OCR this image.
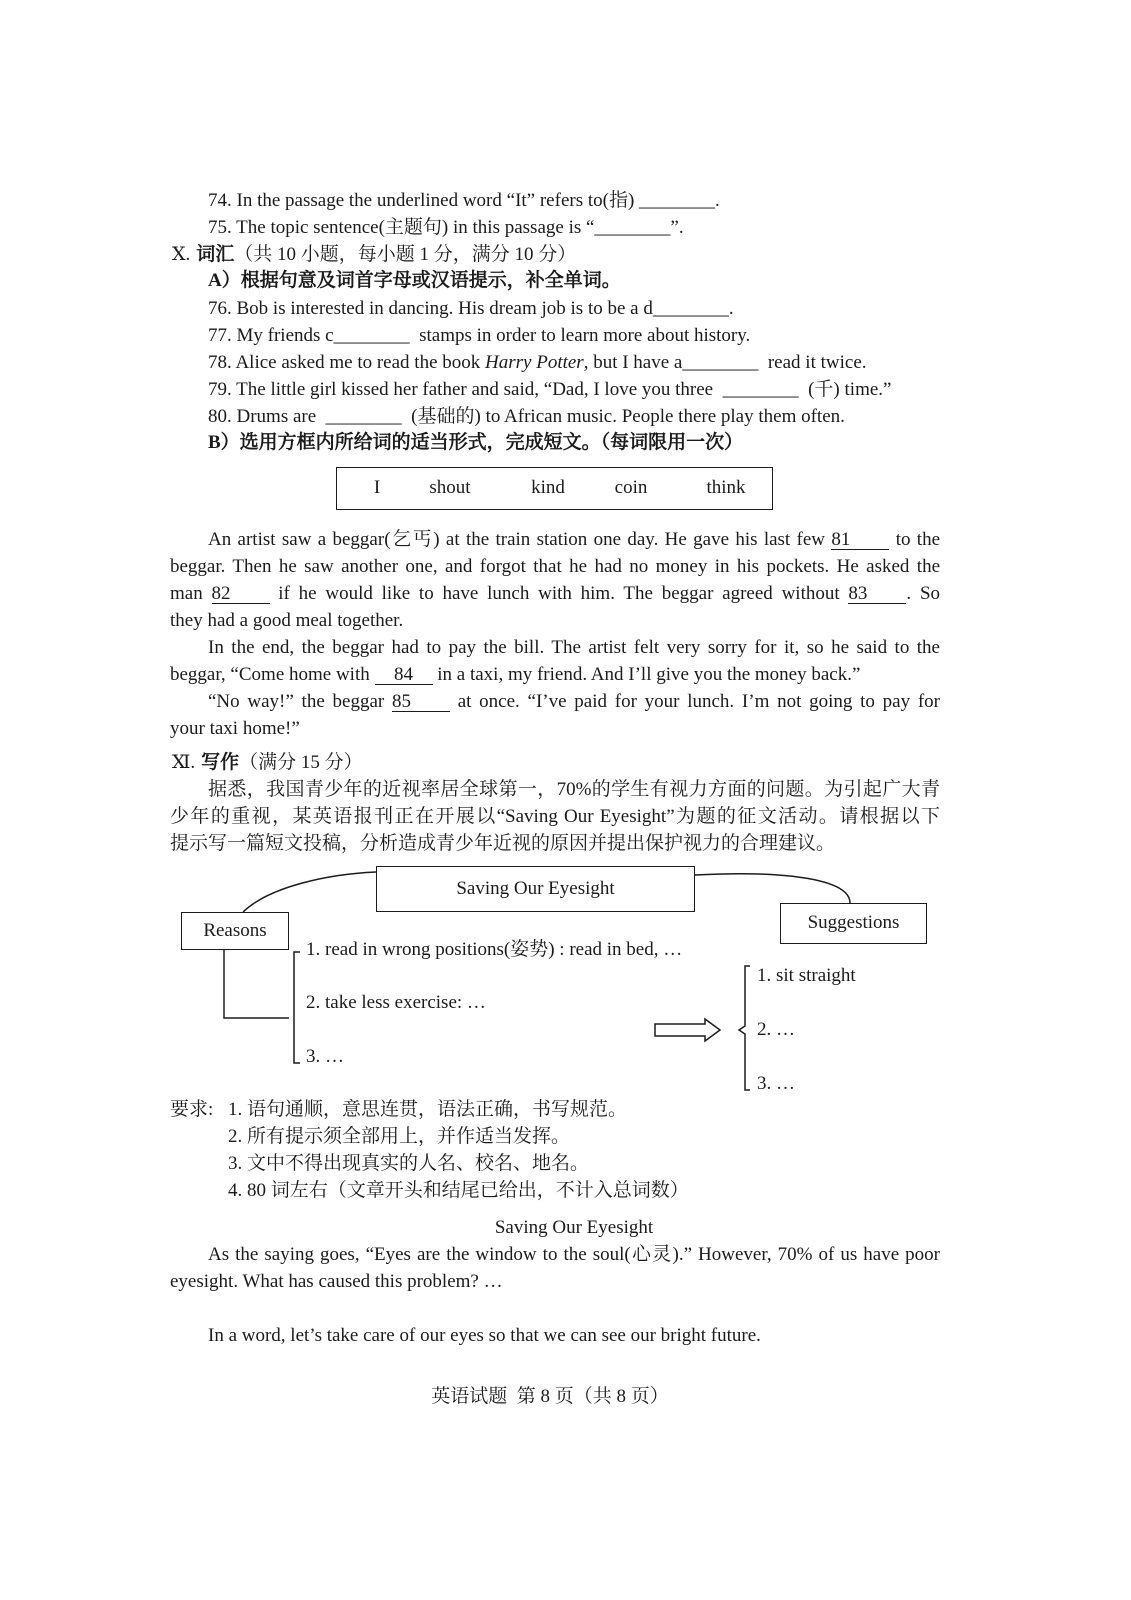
74. In the passage the underlined word “It” refers to(指) ________.
75. The topic sentence(主题句) in this passage is “________”.
Ⅹ. 词汇（共 10 小题，每小题 1 分，满分 10 分）
A）根据句意及词首字母或汉语提示，补全单词。
76. Bob is interested in dancing. His dream job is to be a d________.
77. My friends c________  stamps in order to learn more about history.
78. Alice asked me to read the book Harry Potter, but I have a________  read it twice.
79. The little girl kissed her father and said, “Dad, I love you three  ________  (千) time.”
80. Drums are  ________  (基础的) to African music. People there play them often.
B）选用方框内所给词的适当形式，完成短文。（每词限用一次）
I	shout	kind	coin	think
An artist saw a beggar(乞丐) at the train station one day. He gave his last few 81 to the
beggar. Then he saw another one, and forgot that he had no money in his pockets. He asked the
man 82	if he would like to have lunch with him. The beggar agreed without 83 . So
they had a good meal together.
In the end, the beggar had to pay the bill. The artist felt very sorry for it, so he said to the
beggar, “Come home with 84 in a taxi, my friend. And I’ll give you the money back.”
“No way!” the beggar 85 at once. “I’ve paid for your lunch. I’m not going to pay for
your taxi home!”
Ⅺ. 写作（满分 15 分）
据悉，我国青少年的近视率居全球第一，70%的学生有视力方面的问题。为引起广大青
少年的重视，某英语报刊正在开展以“Saving Our Eyesight”为题的征文活动。请根据以下
提示写一篇短文投稿，分析造成青少年近视的原因并提出保护视力的合理建议。
Saving Our Eyesight
Reasons	Suggestions
1. read in wrong positions(姿势) : read in bed, …
2. take less exercise: …
3. …
1. sit straight
2. …
3. …
要求: 1. 语句通顺，意思连贯，语法正确，书写规范。
2. 所有提示须全部用上，并作适当发挥。
3. 文中不得出现真实的人名、校名、地名。
4. 80 词左右（文章开头和结尾已给出，不计入总词数）
Saving Our Eyesight
As the saying goes, “Eyes are the window to the soul(心灵).” However, 70% of us have poor
eyesight. What has caused this problem? …
In a word, let’s take care of our eyes so that we can see our bright future.
英语试题  第 8 页（共 8 页）
